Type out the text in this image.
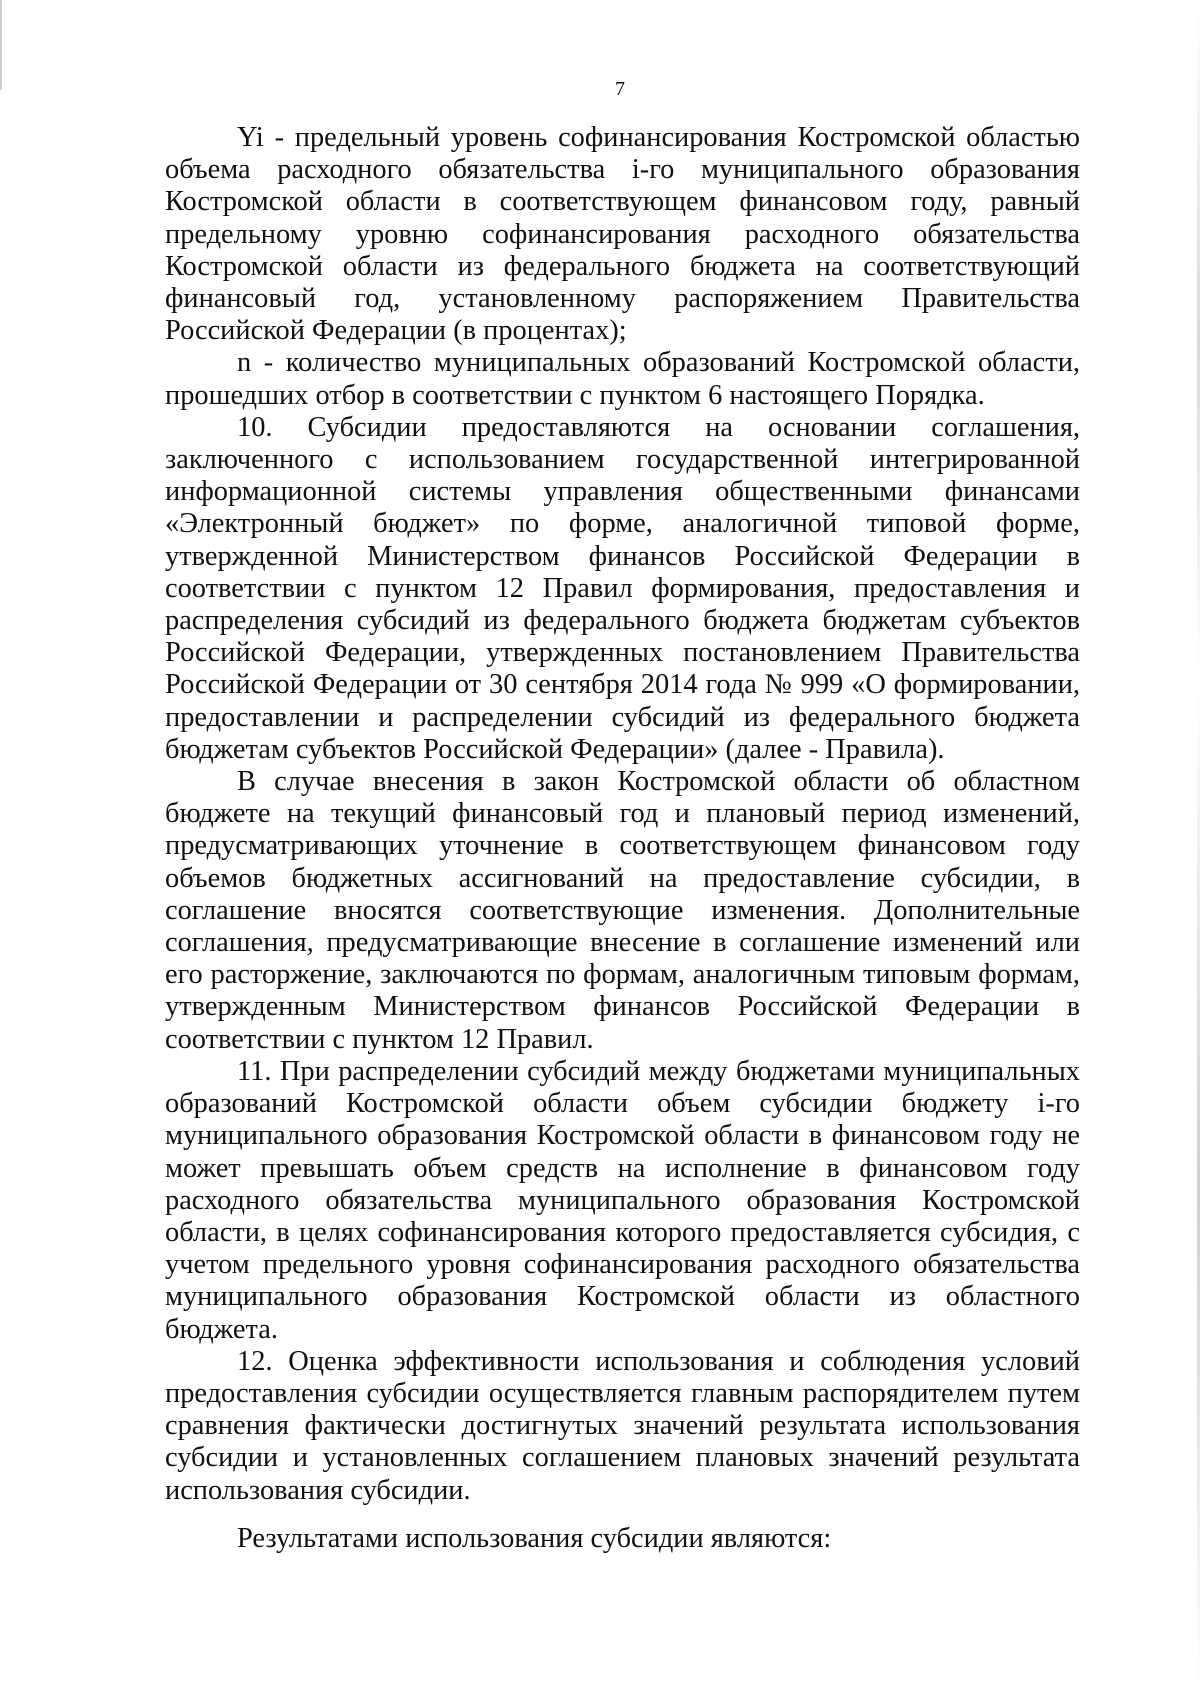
7

Yi - предельный уровень софинансирования Костромской областью объема расходного обязательства i-го муниципального образования Костромской области в соответствующем финансовом году, равный предельному уровню софинансирования расходного обязательства Костромской области из федерального бюджета на соответствующий финансовый год, установленному распоряжением Правительства Российской Федерации (в процентах);

n - количество муниципальных образований Костромской области, прошедших отбор в соответствии с пунктом 6 настоящего Порядка.

10. Субсидии предоставляются на основании соглашения, заключенного с использованием государственной интегрированной информационной системы управления общественными финансами «Электронный бюджет» по форме, аналогичной типовой форме, утвержденной Министерством финансов Российской Федерации в соответствии с пунктом 12 Правил формирования, предоставления и распределения субсидий из федерального бюджета бюджетам субъектов Российской Федерации, утвержденных постановлением Правительства Российской Федерации от 30 сентября 2014 года № 999 «О формировании, предоставлении и распределении субсидий из федерального бюджета бюджетам субъектов Российской Федерации» (далее - Правила).

В случае внесения в закон Костромской области об областном бюджете на текущий финансовый год и плановый период изменений, предусматривающих уточнение в соответствующем финансовом году объемов бюджетных ассигнований на предоставление субсидии, в соглашение вносятся соответствующие изменения. Дополнительные соглашения, предусматривающие внесение в соглашение изменений или его расторжение, заключаются по формам, аналогичным типовым формам, утвержденным Министерством финансов Российской Федерации в соответствии с пунктом 12 Правил.

11. При распределении субсидий между бюджетами муниципальных образований Костромской области объем субсидии бюджету i-го муниципального образования Костромской области в финансовом году не может превышать объем средств на исполнение в финансовом году расходного обязательства муниципального образования Костромской области, в целях софинансирования которого предоставляется субсидия, с учетом предельного уровня софинансирования расходного обязательства муниципального образования Костромской области из областного бюджета.

12. Оценка эффективности использования и соблюдения условий предоставления субсидии осуществляется главным распорядителем путем сравнения фактически достигнутых значений результата использования субсидии и установленных соглашением плановых значений результата использования субсидии.

Результатами использования субсидии являются:
